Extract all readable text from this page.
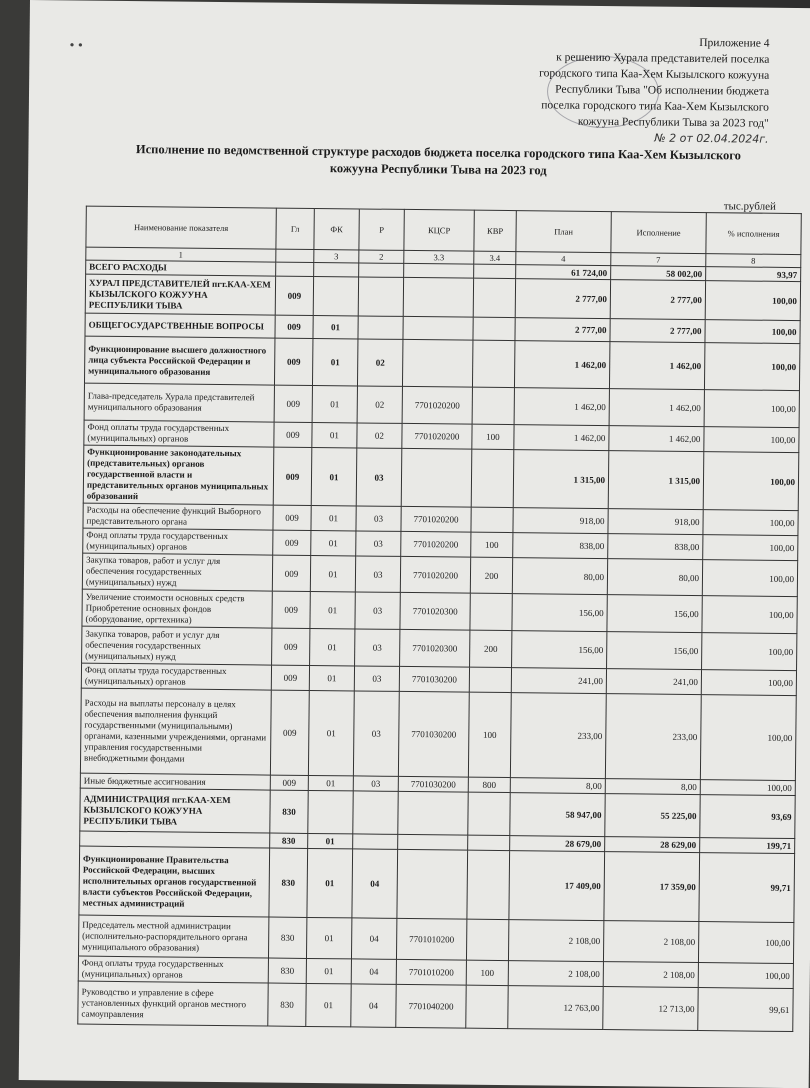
• •	Приложение 4
к решению Хурала представителей поселка
городского типа Каа-Хем Кызылского кожууна
Республики Тыва "Об исполнении бюджета
поселка городского типа Каа-Хем Кызылского
кожууна Республики Тыва за 2023 год"
№ 2 от 02.04.2024г.
Исполнение по ведомственной структуре расходов бюджета поселка городского типа Каа-Хем Кызылского кожууна Республики Тыва на 2023 год
тыс.рублей
Наименование показателя	Гл	ФК	Р	КЦСР	КВР	План	Исполнение	% исполнения
1		3	2	3.3	3.4	4	7	8
ВСЕГО РАСХОДЫ						61 724,00	58 002,00	93,97
ХУРАЛ ПРЕДСТАВИТЕЛЕЙ пгт.КАА-ХЕМ КЫЗЫЛСКОГО КОЖУУНА РЕСПУБЛИКИ ТЫВА	009					2 777,00	2 777,00	100,00
ОБЩЕГОСУДАРСТВЕННЫЕ ВОПРОСЫ	009	01				2 777,00	2 777,00	100,00
Функционирование высшего должностного лица субъекта Российской Федерации и муниципального образования	009	01	02			1 462,00	1 462,00	100,00
Глава-председатель Хурала представителей муниципального образования	009	01	02	7701020200		1 462,00	1 462,00	100,00
Фонд оплаты труда государственных (муниципальных) органов	009	01	02	7701020200	100	1 462,00	1 462,00	100,00
Функционирование законодательных (представительных) органов государственной власти и представительных органов муниципальных образований	009	01	03			1 315,00	1 315,00	100,00
Расходы на обеспечение функций Выборного представительного органа	009	01	03	7701020200		918,00	918,00	100,00
Фонд оплаты труда государственных (муниципальных) органов	009	01	03	7701020200	100	838,00	838,00	100,00
Закупка товаров, работ и услуг для обеспечения государственных (муниципальных) нужд	009	01	03	7701020200	200	80,00	80,00	100,00
Увеличение стоимости основных средств Приобретение основных фондов (оборудование, оргтехника)	009	01	03	7701020300		156,00	156,00	100,00
Закупка товаров, работ и услуг для обеспечения государственных (муниципальных) нужд	009	01	03	7701020300	200	156,00	156,00	100,00
Фонд оплаты труда государственных (муниципальных) органов	009	01	03	7701030200		241,00	241,00	100,00
Расходы на выплаты персоналу в целях обеспечения выполнения функций государственными (муниципальными) органами, казенными учреждениями, органами управления государственными внебюджетными фондами	009	01	03	7701030200	100	233,00	233,00	100,00
Иные бюджетные ассигнования	009	01	03	7701030200	800	8,00	8,00	100,00
АДМИНИСТРАЦИЯ пгт.КАА-ХЕМ КЫЗЫЛСКОГО КОЖУУНА РЕСПУБЛИКИ ТЫВА	830					58 947,00	55 225,00	93,69
	830	01				28 679,00	28 629,00	199,71
Функционирование Правительства Российской Федерации, высших исполнительных органов государственной власти субъектов Российской Федерации, местных администраций	830	01	04			17 409,00	17 359,00	99,71
Председатель местной администрации (исполнительно-распорядительного органа муниципального образования)	830	01	04	7701010200		2 108,00	2 108,00	100,00
Фонд оплаты труда государственных (муниципальных) органов	830	01	04	7701010200	100	2 108,00	2 108,00	100,00
Руководство и управление в сфере установленных функций органов местного самоуправления	830	01	04	7701040200		12 763,00	12 713,00	99,61
